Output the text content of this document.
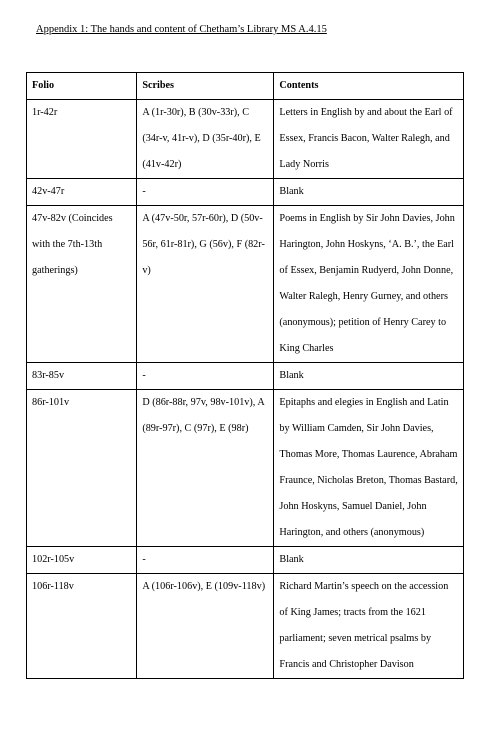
Appendix 1: The hands and content of Chetham’s Library MS A.4.15
Folio	Scribes	Contents
1r-42r	A (1r-30r), B (30v-33r), C (34r-v, 41r-v), D (35r-40r), E (41v-42r)	Letters in English by and about the Earl of Essex, Francis Bacon, Walter Ralegh, and Lady Norris
42v-47r	-	Blank
47v-82v (Coincides with the 7th-13th gatherings)	A (47v-50r, 57r-60r), D (50v-56r, 61r-81r), G (56v), F (82r-v)	Poems in English by Sir John Davies, John Harington, John Hoskyns, ‘A. B.’, the Earl of Essex, Benjamin Rudyerd, John Donne, Walter Ralegh, Henry Gurney, and others (anonymous); petition of Henry Carey to King Charles
83r-85v	-	Blank
86r-101v	D (86r-88r, 97v, 98v-101v), A (89r-97r), C (97r), E (98r)	Epitaphs and elegies in English and Latin by William Camden, Sir John Davies, Thomas More, Thomas Laurence, Abraham Fraunce, Nicholas Breton, Thomas Bastard, John Hoskyns, Samuel Daniel, John Harington, and others (anonymous)
102r-105v	-	Blank
106r-118v	A (106r-106v), E (109v-118v)	Richard Martin’s speech on the accession of King James; tracts from the 1621 parliament; seven metrical psalms by Francis and Christopher Davison
